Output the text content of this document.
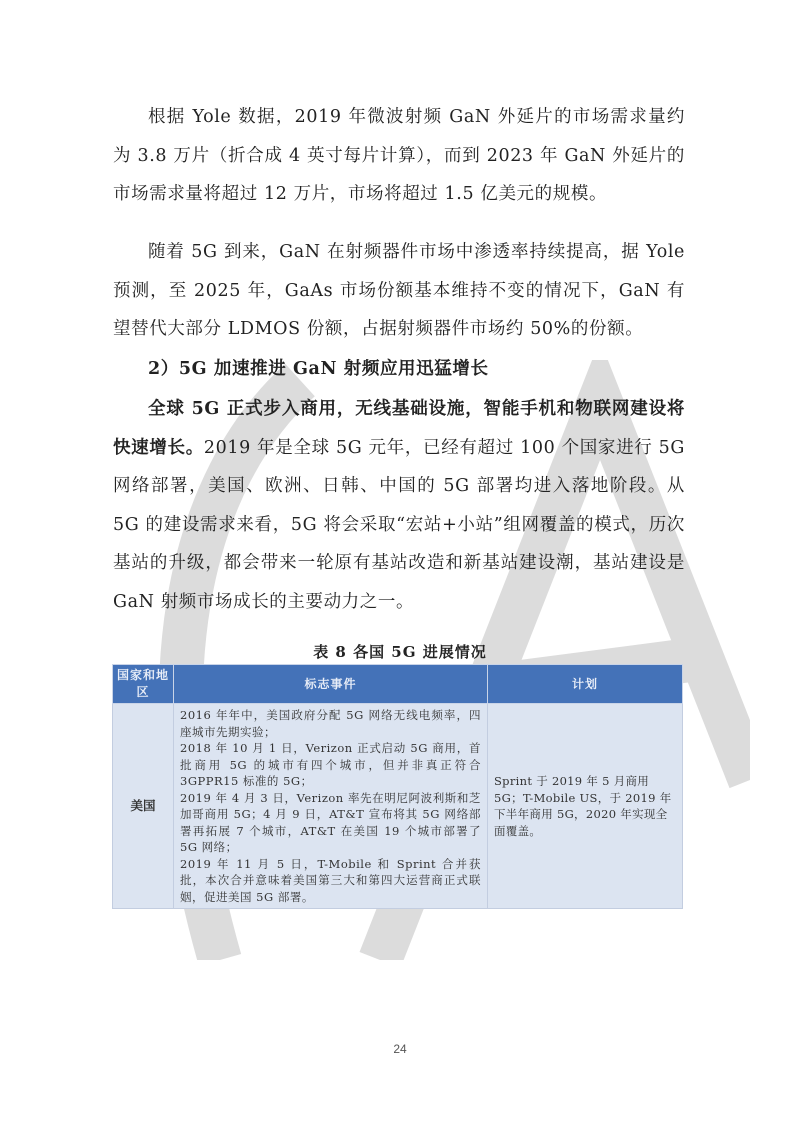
根据 Yole 数据，2019 年微波射频 GaN 外延片的市场需求量约为 3.8 万片（折合成 4 英寸每片计算），而到 2023 年 GaN 外延片的市场需求量将超过 12 万片，市场将超过 1.5 亿美元的规模。

随着 5G 到来，GaN 在射频器件市场中渗透率持续提高，据 Yole 预测，至 2025 年，GaAs 市场份额基本维持不变的情况下，GaN 有望替代大部分 LDMOS 份额，占据射频器件市场约 50%的份额。

2）5G 加速推进 GaN 射频应用迅猛增长

全球 5G 正式步入商用，无线基础设施，智能手机和物联网建设将快速增长。2019 年是全球 5G 元年，已经有超过 100 个国家进行 5G 网络部署，美国、欧洲、日韩、中国的 5G 部署均进入落地阶段。从 5G 的建设需求来看，5G 将会采取“宏站+小站”组网覆盖的模式，历次基站的升级，都会带来一轮原有基站改造和新基站建设潮，基站建设是 GaN 射频市场成长的主要动力之一。

表 8 各国 5G 进展情况

国家和地区	标志事件	计划
美国	2016 年年中，美国政府分配 5G 网络无线电频率，四座城市先期实验；
2018 年 10 月 1 日，Verizon 正式启动 5G 商用，首批商用 5G 的城市有四个城市，但并非真正符合 3GPPR15 标准的 5G；
2019 年 4 月 3 日，Verizon 率先在明尼阿波利斯和芝加哥商用 5G；4 月 9 日，AT&T 宣布将其 5G 网络部署再拓展 7 个城市，AT&T 在美国 19 个城市部署了 5G 网络；
2019 年 11 月 5 日，T-Mobile 和 Sprint 合并获批，本次合并意味着美国第三大和第四大运营商正式联姻，促进美国 5G 部署。	Sprint 于 2019 年 5 月商用 5G；T-Mobile US，于 2019 年下半年商用 5G，2020 年实现全面覆盖。
24
